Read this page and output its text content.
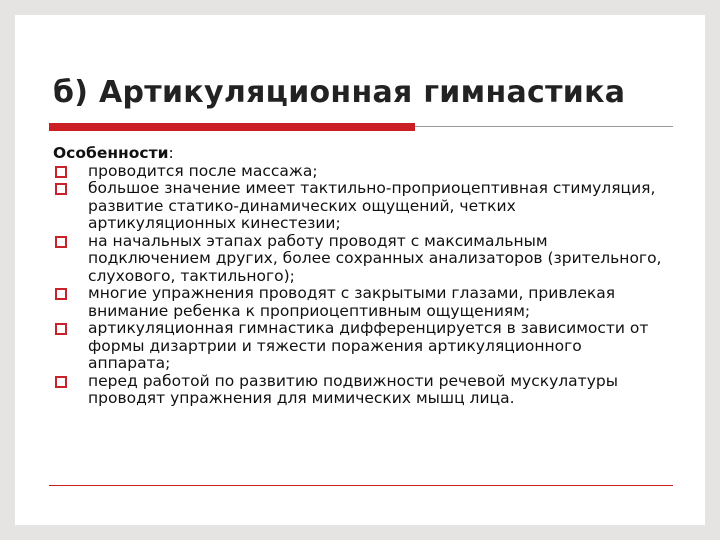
б) Артикуляционная гимнастика

Особенности:

проводится после массажа;
большое значение имеет тактильно-проприоцептивная стимуляция, развитие статико-динамических ощущений, четких артикуляционных кинестезии;
на начальных этапах работу проводят с максимальным подключением других, более сохранных анализаторов (зрительного, слухового, тактильного);
многие упражнения проводят с закрытыми глазами, привлекая внимание ребенка к проприоцептивным ощущениям;
артикуляционная гимнастика дифференцируется в зависимости от формы дизартрии и тяжести поражения артикуляционного аппарата;
перед работой по развитию подвижности речевой мускулатуры проводят упражнения для мимических мышц лица.
